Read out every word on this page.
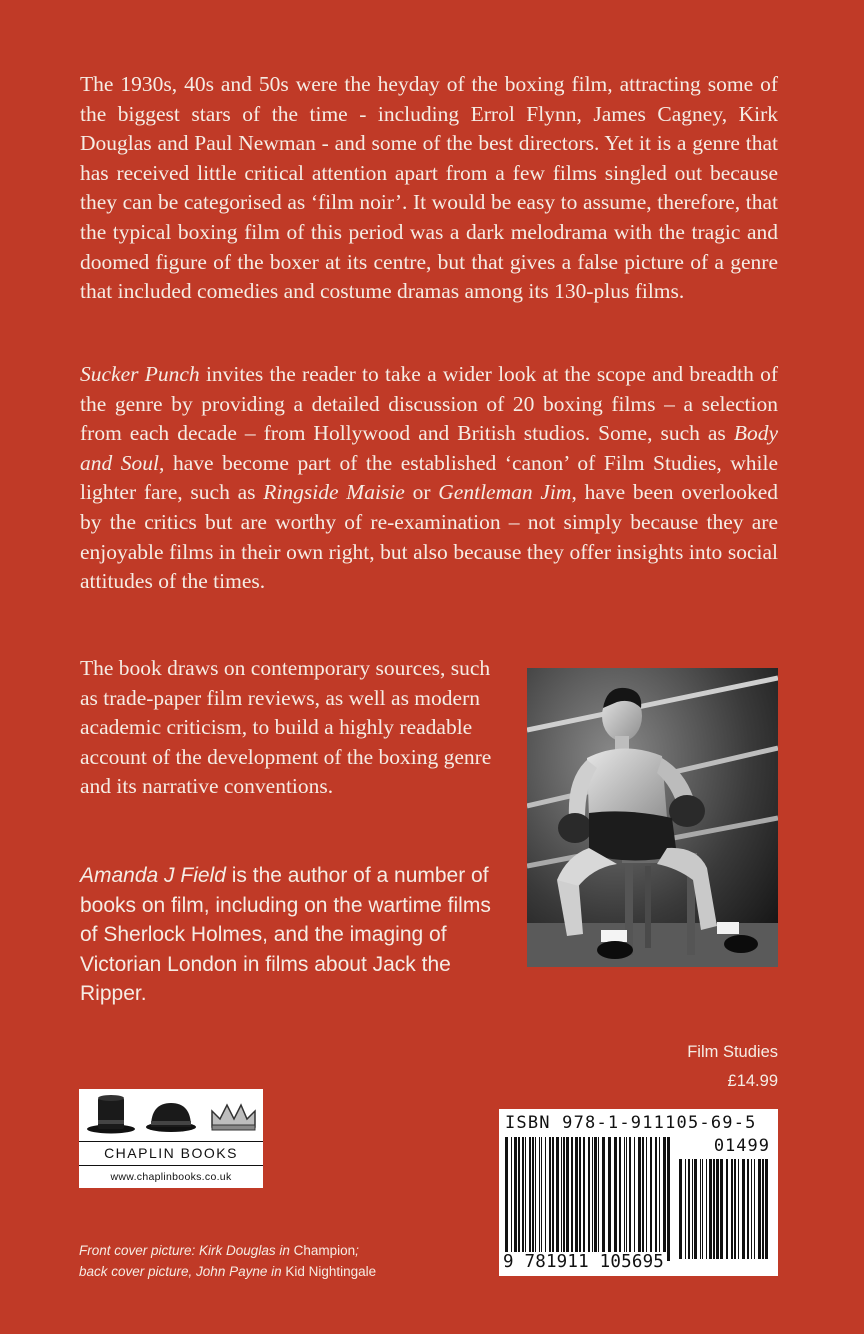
The 1930s, 40s and 50s were the heyday of the boxing film, attracting some of the biggest stars of the time - including Errol Flynn, James Cagney, Kirk Douglas and Paul Newman - and some of the best directors. Yet it is a genre that has received little critical attention apart from a few films singled out because they can be categorised as ‘film noir’. It would be easy to assume, therefore, that the typical boxing film of this period was a dark melodrama with the tragic and doomed figure of the boxer at its centre, but that gives a false picture of a genre that included comedies and costume dramas among its 130-plus films.

Sucker Punch invites the reader to take a wider look at the scope and breadth of the genre by providing a detailed discussion of 20 boxing films – a selection from each decade – from Hollywood and British studios. Some, such as Body and Soul, have become part of the established ‘canon’ of Film Studies, while lighter fare, such as Ringside Maisie or Gentleman Jim, have been overlooked by the critics but are worthy of re-examination – not simply because they are enjoyable films in their own right, but also because they offer insights into social attitudes of the times.

The book draws on contemporary sources, such as trade-paper film reviews, as well as modern academic criticism, to build a highly readable account of the development of the boxing genre and its narrative conventions.

Amanda J Field is the author of a number of books on film, including on the wartime films of Sherlock Holmes, and the imaging of Victorian London in films about Jack the Ripper.

Film Studies
£14.99
CHAPLIN BOOKS
www.chaplinbooks.co.uk
Front cover picture: Kirk Douglas in Champion;
back cover picture, John Payne in Kid Nightingale
ISBN 978-1-911105-69-5
01499
9 781911 105695
